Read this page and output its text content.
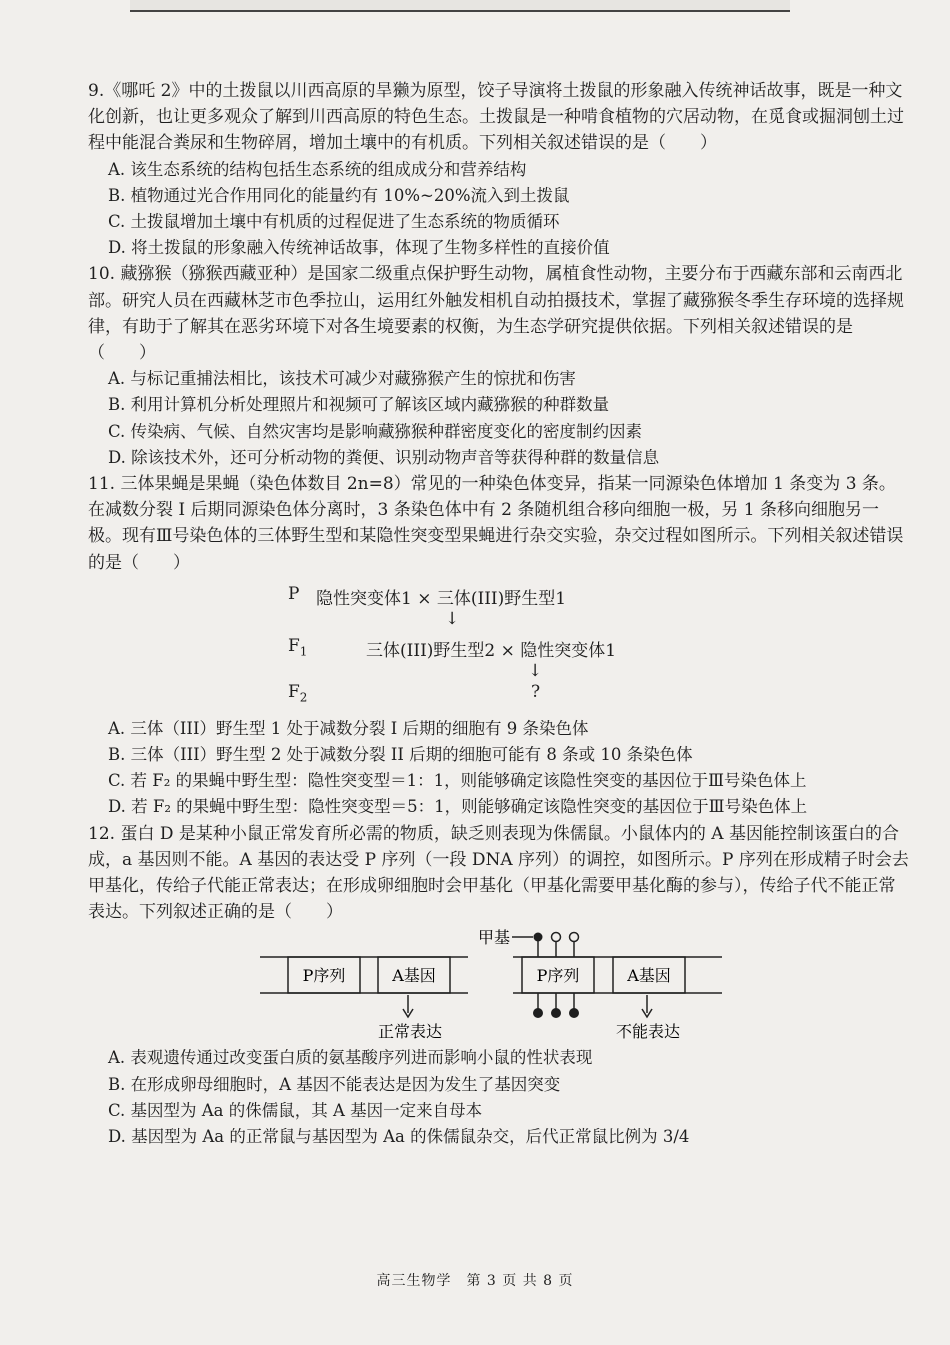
9.《哪吒 2》中的土拨鼠以川西高原的旱獭为原型，饺子导演将土拨鼠的形象融入传统神话故事，既是一种文化创新，也让更多观众了解到川西高原的特色生态。土拨鼠是一种啃食植物的穴居动物，在觅食或掘洞刨土过程中能混合粪尿和生物碎屑，增加土壤中的有机质。下列相关叙述错误的是（　　）

A. 该生态系统的结构包括生态系统的组成成分和营养结构

B. 植物通过光合作用同化的能量约有 10%~20%流入到土拨鼠

C. 土拨鼠增加土壤中有机质的过程促进了生态系统的物质循环

D. 将土拨鼠的形象融入传统神话故事，体现了生物多样性的直接价值

10. 藏猕猴（猕猴西藏亚种）是国家二级重点保护野生动物，属植食性动物，主要分布于西藏东部和云南西北部。研究人员在西藏林芝市色季拉山，运用红外触发相机自动拍摄技术，掌握了藏猕猴冬季生存环境的选择规律，有助于了解其在恶劣环境下对各生境要素的权衡，为生态学研究提供依据。下列相关叙述错误的是（　　）

A. 与标记重捕法相比，该技术可减少对藏猕猴产生的惊扰和伤害

B. 利用计算机分析处理照片和视频可了解该区域内藏猕猴的种群数量

C. 传染病、气候、自然灾害均是影响藏猕猴种群密度变化的密度制约因素

D. 除该技术外，还可分析动物的粪便、识别动物声音等获得种群的数量信息

11. 三体果蝇是果蝇（染色体数目 2n=8）常见的一种染色体变异，指某一同源染色体增加 1 条变为 3 条。在减数分裂 I 后期同源染色体分离时，3 条染色体中有 2 条随机组合移向细胞一极，另 1 条移向细胞另一极。现有Ⅲ号染色体的三体野生型和某隐性突变型果蝇进行杂交实验，杂交过程如图所示。下列相关叙述错误的是（　　）

P 隐性突变体1 × 三体(III)野生型1
↓
$F_1$	三体(III)野生型2 × 隐性突变体1
↓
$F_2$	?

A. 三体（III）野生型 1 处于减数分裂 I 后期的细胞有 9 条染色体

B. 三体（III）野生型 2 处于减数分裂 II 后期的细胞可能有 8 条或 10 条染色体

C. 若 F₂ 的果蝇中野生型：隐性突变型＝1：1，则能够确定该隐性突变的基因位于Ⅲ号染色体上

D. 若 F₂ 的果蝇中野生型：隐性突变型＝5：1，则能够确定该隐性突变的基因位于Ⅲ号染色体上

12. 蛋白 D 是某种小鼠正常发育所必需的物质，缺乏则表现为侏儒鼠。小鼠体内的 A 基因能控制该蛋白的合成，a 基因则不能。A 基因的表达受 P 序列（一段 DNA 序列）的调控，如图所示。P 序列在形成精子时会去甲基化，传给子代能正常表达；在形成卵细胞时会甲基化（甲基化需要甲基化酶的参与），传给子代不能正常表达。下列叙述正确的是（　　）

P序列	A基因
正常表达
P序列	A基因
甲基
不能表达

A. 表观遗传通过改变蛋白质的氨基酸序列进而影响小鼠的性状表现

B. 在形成卵母细胞时，A 基因不能表达是因为发生了基因突变

C. 基因型为 Aa 的侏儒鼠，其 A 基因一定来自母本

D. 基因型为 Aa 的正常鼠与基因型为 Aa 的侏儒鼠杂交，后代正常鼠比例为 3/4

高三生物学　第 3 页 共 8 页
